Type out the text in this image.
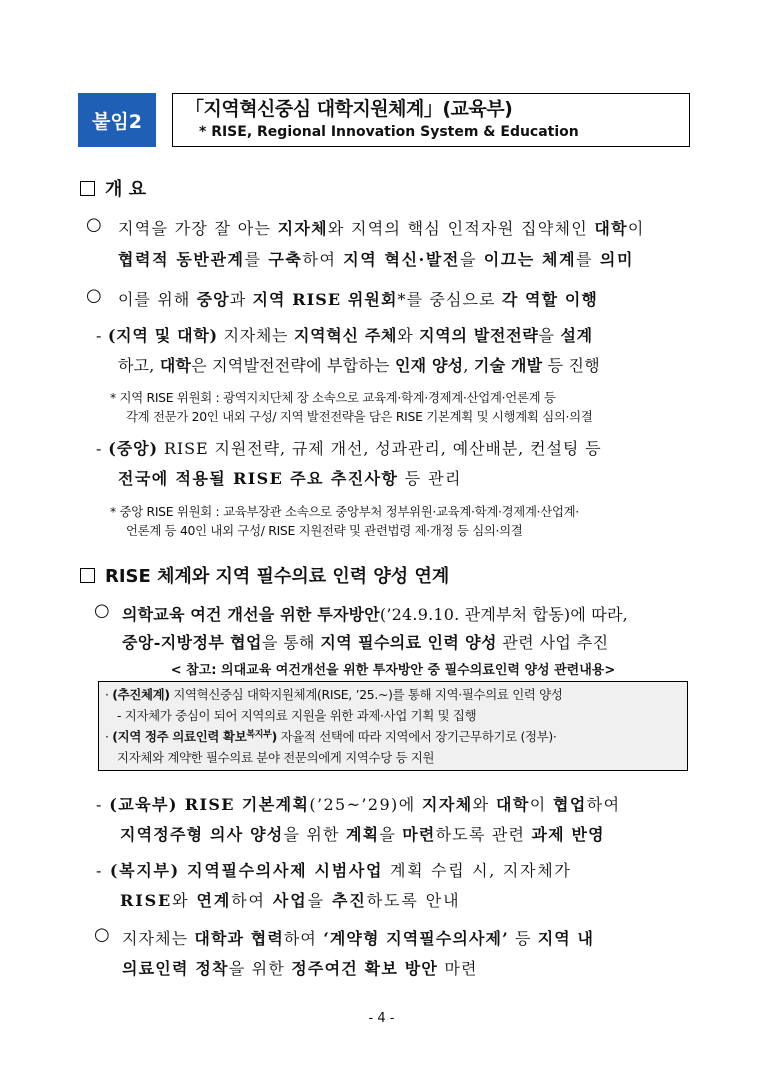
붙임2
「지역혁신중심 대학지원체계」(교육부)
* RISE, Regional Innovation System & Education
개 요
○ 지역을 가장 잘 아는 지자체와 지역의 핵심 인적자원 집약체인 대학이
협력적 동반관계를 구축하여 지역 혁신·발전을 이끄는 체계를 의미
○ 이를 위해 중앙과 지역 RISE 위원회*를 중심으로 각 역할 이행
- (지역 및 대학) 지자체는 지역혁신 주체와 지역의 발전전략을 설계
하고, 대학은 지역발전전략에 부합하는 인재 양성, 기술 개발 등 진행
* 지역 RISE 위원회 : 광역지치단체 장 소속으로 교육계·학계·경제계·산업계·언론계 등
각계 전문가 20인 내외 구성/ 지역 발전전략을 담은 RISE 기본계획 및 시행계획 심의·의결
- (중앙) RISE 지원전략, 규제 개선, 성과관리, 예산배분, 컨설팅 등
전국에 적용될 RISE 주요 추진사항 등 관리
* 중앙 RISE 위원회 : 교육부장관 소속으로 중앙부처 정부위원·교육계·학계·경제계·산업계·
언론계 등 40인 내외 구성/ RISE 지원전략 및 관련법령 제·개정 등 심의·의결
RISE 체계와 지역 필수의료 인력 양성 연계
○ 의학교육 여건 개선을 위한 투자방안(’24.9.10. 관계부처 합동)에 따라,
중앙-지방정부 협업을 통해 지역 필수의료 인력 양성 관련 사업 추진
< 참고: 의대교육 여건개선을 위한 투자방안 중 필수의료인력 양성 관련내용>
· (추진체계) 지역혁신중심 대학지원체계(RISE, ’25.~)를 통해 지역·필수의료 인력 양성
- 지자체가 중심이 되어 지역의료 지원을 위한 과제·사업 기획 및 집행
· (지역 정주 의료인력 확보$^{복지부}$) 자율적 선택에 따라 지역에서 장기근무하기로 (정부)·
지자체와 계약한 필수의료 분야 전문의에게 지역수당 등 지원
- (교육부) RISE 기본계획(’25~’29)에 지자체와 대학이 협업하여
지역정주형 의사 양성을 위한 계획을 마련하도록 관련 과제 반영
- (복지부) 지역필수의사제 시범사업 계획 수립 시, 지자체가
RISE와 연계하여 사업을 추진하도록 안내
○ 지자체는 대학과 협력하여 ‘계약형 지역필수의사제’ 등 지역 내
의료인력 정착을 위한 정주여건 확보 방안 마련
- 4 -
